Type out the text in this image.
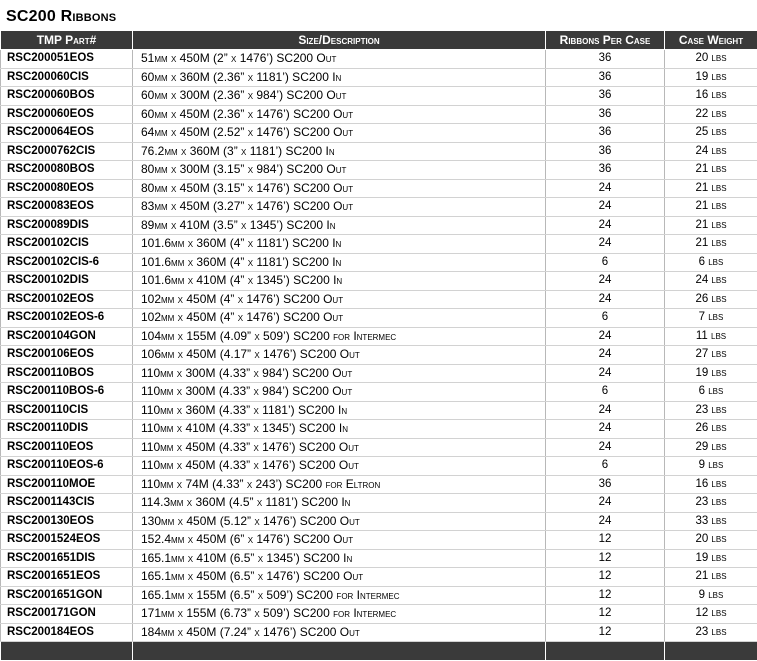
SC200 Ribbons
TMP Part#	Size/Description	Ribbons Per Case	Case Weight
RSC200051EOS	51mm x 450M (2” x 1476’) SC200 Out	36	20 lbs
RSC200060CIS	60mm x 360M (2.36” x 1181’) SC200 In	36	19 lbs
RSC200060BOS	60mm x 300M (2.36” x 984’) SC200 Out	36	16 lbs
RSC200060EOS	60mm x 450M (2.36” x 1476’) SC200 Out	36	22 lbs
RSC200064EOS	64mm x 450M (2.52” x 1476’) SC200 Out	36	25 lbs
RSC2000762CIS	76.2mm x 360M (3” x 1181’) SC200 In	36	24 lbs
RSC200080BOS	80mm x 300M (3.15” x 984’) SC200 Out	36	21 lbs
RSC200080EOS	80mm x 450M (3.15” x 1476’) SC200 Out	24	21 lbs
RSC200083EOS	83mm x 450M (3.27” x 1476’) SC200 Out	24	21 lbs
RSC200089DIS	89mm x 410M (3.5” x 1345’) SC200 In	24	21 lbs
RSC200102CIS	101.6mm x 360M (4” x 1181’) SC200 In	24	21 lbs
RSC200102CIS-6	101.6mm x 360M (4” x 1181’) SC200 In	6	6 lbs
RSC200102DIS	101.6mm x 410M (4” x 1345’) SC200 In	24	24 lbs
RSC200102EOS	102mm x 450M (4” x 1476’) SC200 Out	24	26 lbs
RSC200102EOS-6	102mm x 450M (4” x 1476’) SC200 Out	6	7 lbs
RSC200104GON	104mm x 155M (4.09” x 509’) SC200 for Intermec	24	11 lbs
RSC200106EOS	106mm x 450M (4.17” x 1476’) SC200 Out	24	27 lbs
RSC200110BOS	110mm x 300M (4.33” x 984’) SC200 Out	24	19 lbs
RSC200110BOS-6	110mm x 300M (4.33” x 984’) SC200 Out	6	6 lbs
RSC200110CIS	110mm x 360M (4.33” x 1181’) SC200 In	24	23 lbs
RSC200110DIS	110mm x 410M (4.33” x 1345’) SC200 In	24	26 lbs
RSC200110EOS	110mm x 450M (4.33” x 1476’) SC200 Out	24	29 lbs
RSC200110EOS-6	110mm x 450M (4.33” x 1476’) SC200 Out	6	9 lbs
RSC200110MOE	110mm x 74M (4.33” x 243’) SC200 for Eltron	36	16 lbs
RSC2001143CIS	114.3mm x 360M (4.5” x 1181’) SC200 In	24	23 lbs
RSC200130EOS	130mm x 450M (5.12” x 1476’) SC200 Out	24	33 lbs
RSC2001524EOS	152.4mm x 450M (6” x 1476’) SC200 Out	12	20 lbs
RSC2001651DIS	165.1mm x 410M (6.5” x 1345’) SC200 In	12	19 lbs
RSC2001651EOS	165.1mm x 450M (6.5” x 1476’) SC200 Out	12	21 lbs
RSC2001651GON	165.1mm x 155M (6.5” x 509’) SC200 for Intermec	12	9 lbs
RSC200171GON	171mm x 155M (6.73” x 509’) SC200 for Intermec	12	12 lbs
RSC200184EOS	184mm x 450M (7.24” x 1476’) SC200 Out	12	23 lbs
